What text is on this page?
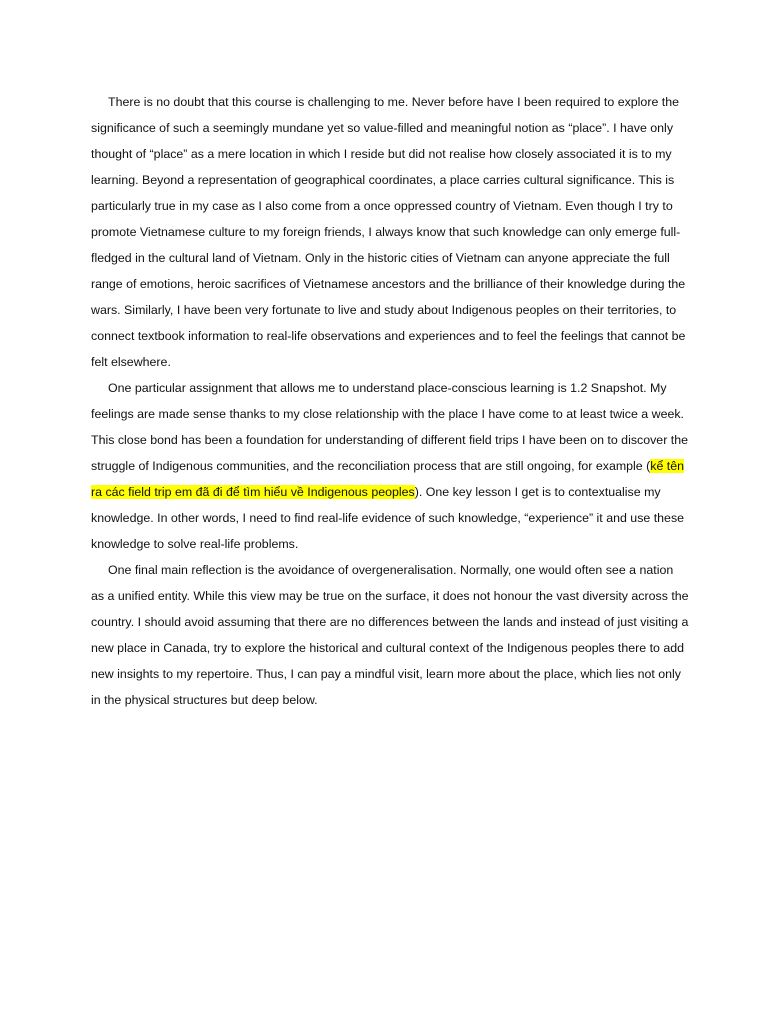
There is no doubt that this course is challenging to me. Never before have I been required to explore the significance of such a seemingly mundane yet so value-filled and meaningful notion as “place”. I have only thought of “place” as a mere location in which I reside but did not realise how closely associated it is to my learning. Beyond a representation of geographical coordinates, a place carries cultural significance. This is particularly true in my case as I also come from a once oppressed country of Vietnam. Even though I try to promote Vietnamese culture to my foreign friends, I always know that such knowledge can only emerge full-fledged in the cultural land of Vietnam. Only in the historic cities of Vietnam can anyone appreciate the full range of emotions, heroic sacrifices of Vietnamese ancestors and the brilliance of their knowledge during the wars. Similarly, I have been very fortunate to live and study about Indigenous peoples on their territories, to connect textbook information to real-life observations and experiences and to feel the feelings that cannot be felt elsewhere.

One particular assignment that allows me to understand place-conscious learning is 1.2 Snapshot. My feelings are made sense thanks to my close relationship with the place I have come to at least twice a week. This close bond has been a foundation for understanding of different field trips I have been on to discover the struggle of Indigenous communities, and the reconciliation process that are still ongoing, for example (kể tên ra các field trip em đã đi để tìm hiểu về Indigenous peoples). One key lesson I get is to contextualise my knowledge. In other words, I need to find real-life evidence of such knowledge, “experience” it and use these knowledge to solve real-life problems.

One final main reflection is the avoidance of overgeneralisation. Normally, one would often see a nation as a unified entity. While this view may be true on the surface, it does not honour the vast diversity across the country. I should avoid assuming that there are no differences between the lands and instead of just visiting a new place in Canada, try to explore the historical and cultural context of the Indigenous peoples there to add new insights to my repertoire. Thus, I can pay a mindful visit, learn more about the place, which lies not only in the physical structures but deep below.
